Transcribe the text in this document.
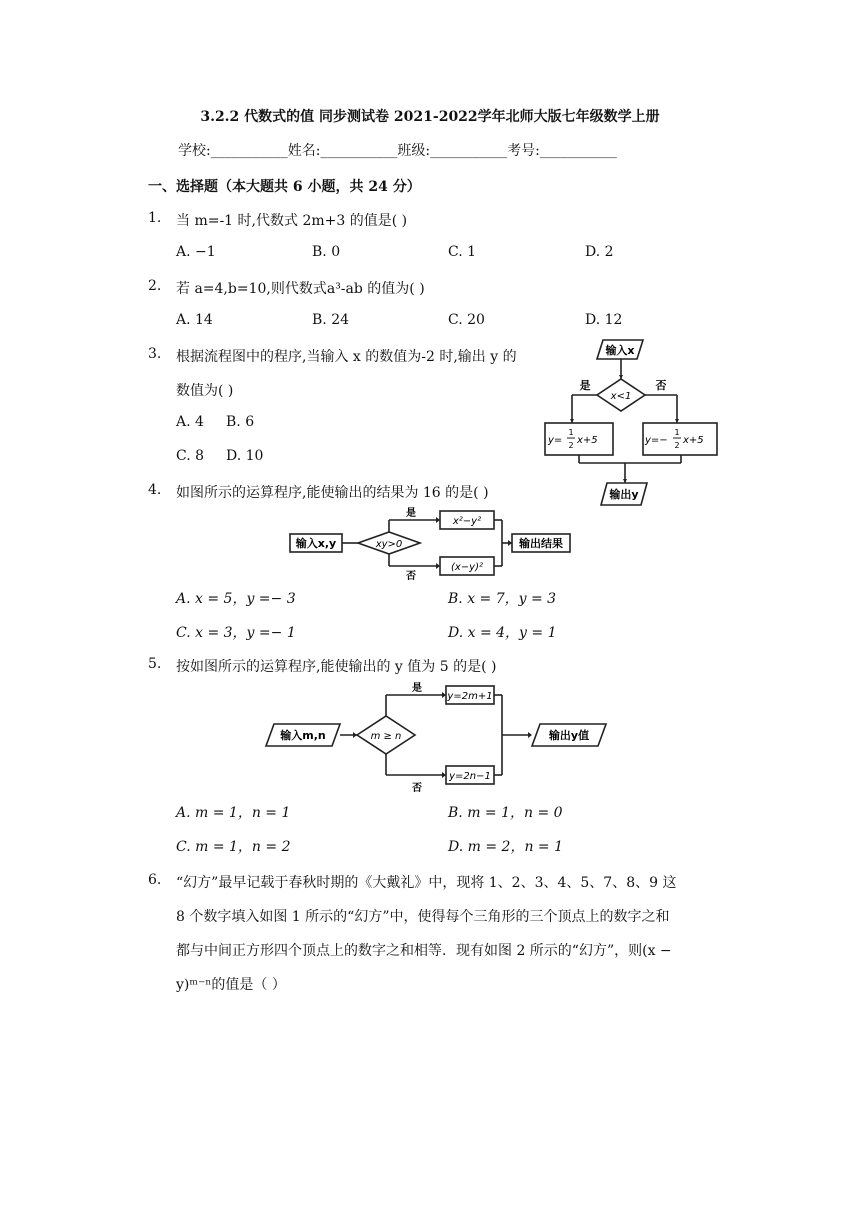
3.2.2 代数式的值 同步测试卷 2021-2022学年北师大版七年级数学上册
学校:___________姓名:___________班级:___________考号:___________
一、选择题（本大题共 6 小题，共 24 分）
1. 当 m=-1 时,代数式 2m+3 的值是( )
A. −1	B. 0	C. 1	D. 2
2. 若 a=4,b=10,则代数式a³-ab 的值为( )
A. 14	B. 24	C. 20	D. 12
3. 根据流程图中的程序,当输入 x 的数值为-2 时,输出 y 的
数值为( )
A. 4 B. 6
C. 8 D. 10
输入x
x<1
是	否
y=
1
2 x+5	y=−
1
2 x+5
输出y
4. 如图所示的运算程序,能使输出的结果为 16 的是( )
输入x,y	xy>0
是
否
x²−y²
(x−y)²
输出结果
A. x = 5，y =− 3	B. x = 7，y = 3
C. x = 3，y =− 1	D. x = 4，y = 1
5. 按如图所示的运算程序,能使输出的 y 值为 5 的是( )
输入m,n	m ≥ n
是
否
y=2m+1
y=2n−1
输出y值
A. m = 1，n = 1	B. m = 1，n = 0
C. m = 1，n = 2	D. m = 2，n = 1
6. “幻方”最早记载于春秋时期的《大戴礼》中，现将 1、2、3、4、5、7、8、9 这
8 个数字填入如图 1 所示的“幻方”中，使得每个三角形的三个顶点上的数字之和
都与中间正方形四个顶点上的数字之和相等．现有如图 2 所示的“幻方”，则(x −
y)ᵐ⁻ⁿ的值是（ ）
